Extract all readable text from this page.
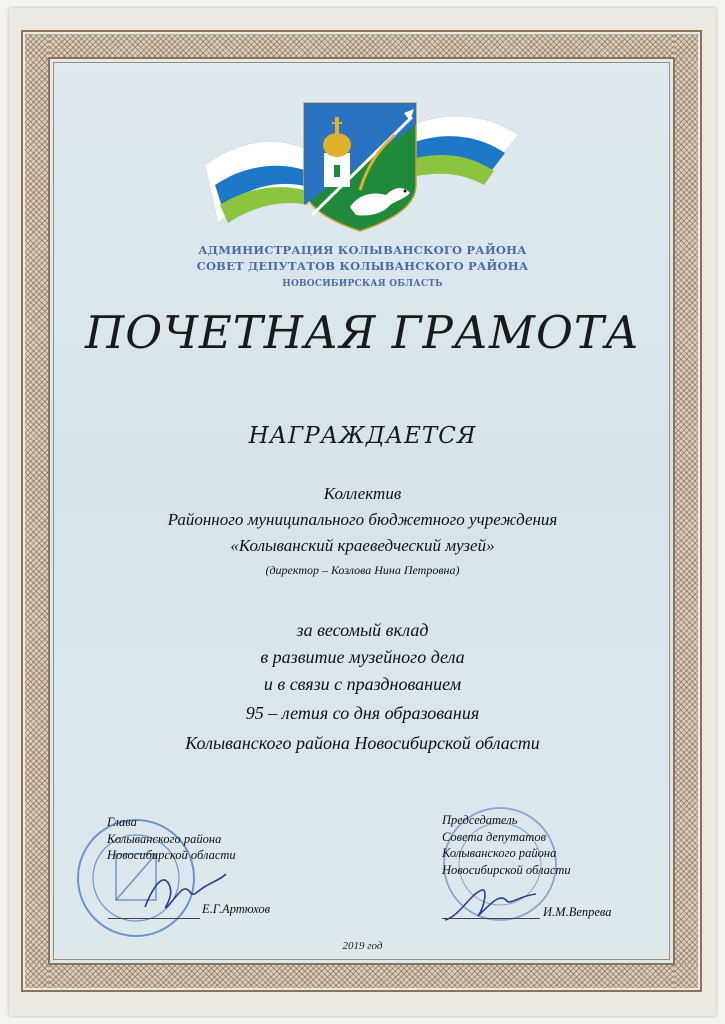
АДМИНИСТРАЦИЯ КОЛЫВАНСКОГО РАЙОНА
СОВЕТ ДЕПУТАТОВ КОЛЫВАНСКОГО РАЙОНА
НОВОСИБИРСКАЯ ОБЛАСТЬ
ПОЧЕТНАЯ ГРАМОТА
НАГРАЖДАЕТСЯ
Коллектив
Районного муниципального бюджетного учреждения
«Колыванский краеведческий музей»
(директор – Козлова Нина Петровна)
за весомый вклад
в развитие музейного дела
и в связи с празднованием
95 – летия со дня образования
Колыванского района Новосибирской области
Глава
Колыванского района
Новосибирской области
Е.Г.Артюхов
Председатель
Совета депутатов
Колыванского района
Новосибирской области
И.М.Вепрева
2019 год
